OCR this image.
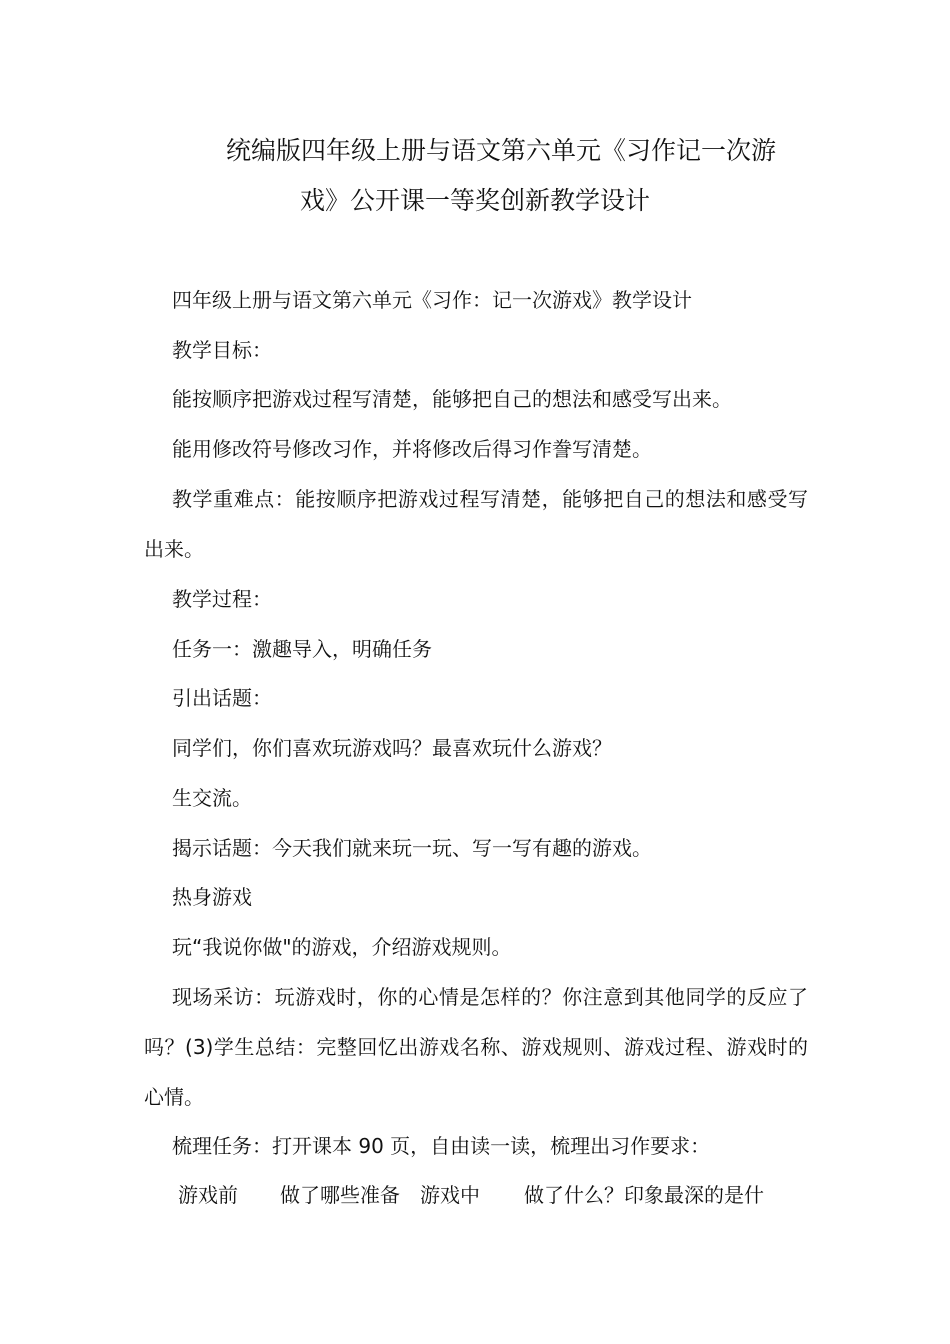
统编版四年级上册与语文第六单元《习作记一次游
戏》公开课一等奖创新教学设计
四年级上册与语文第六单元《习作：记一次游戏》教学设计
教学目标：
能按顺序把游戏过程写清楚，能够把自己的想法和感受写出来。
能用修改符号修改习作，并将修改后得习作誊写清楚。
教学重难点：能按顺序把游戏过程写清楚，能够把自己的想法和感受写出来。
教学过程：
任务一：激趣导入，明确任务
引出话题：
同学们，你们喜欢玩游戏吗？最喜欢玩什么游戏？
生交流。
揭示话题：今天我们就来玩一玩、写一写有趣的游戏。
热身游戏
玩“我说你做"的游戏，介绍游戏规则。
现场采访：玩游戏时，你的心情是怎样的？你注意到其他同学的反应了吗？(3)学生总结：完整回忆出游戏名称、游戏规则、游戏过程、游戏时的心情。
梳理任务：打开课本 90 页，自由读一读，梳理出习作要求：
游戏前 做了哪些准备 游戏中 做了什么？印象最深的是什
